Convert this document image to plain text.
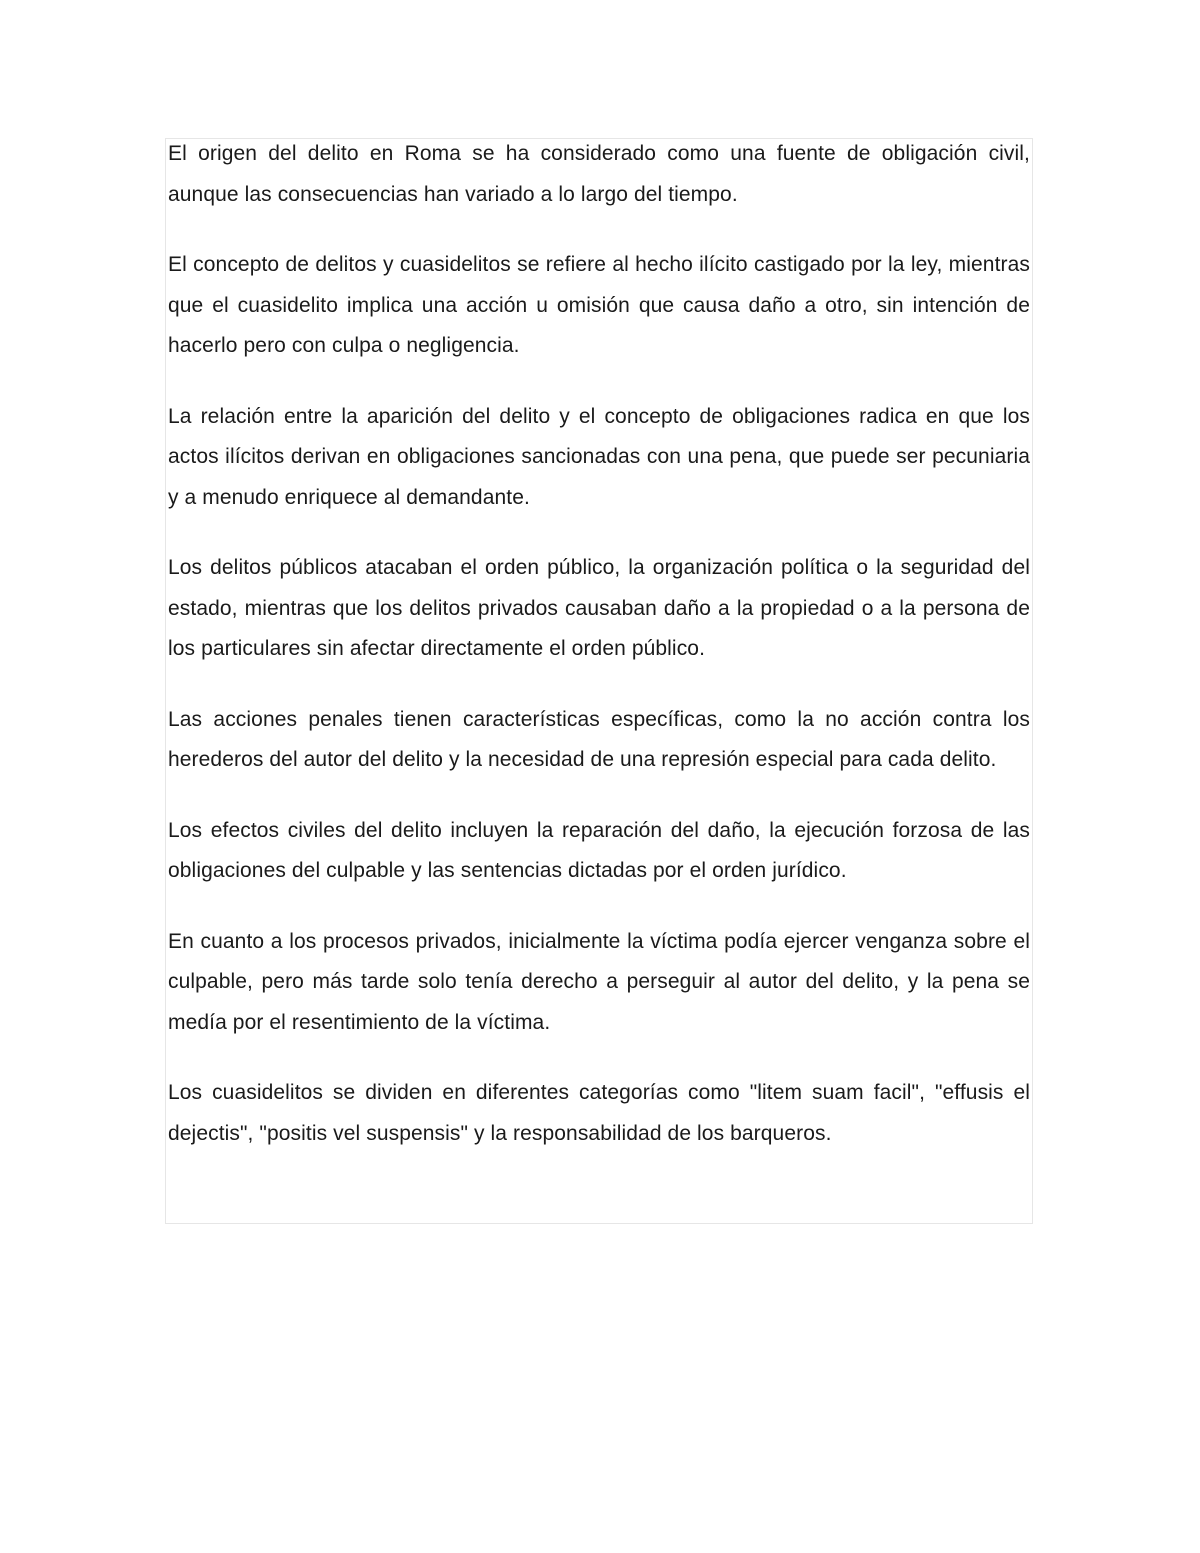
El origen del delito en Roma se ha considerado como una fuente de obligación civil, aunque las consecuencias han variado a lo largo del tiempo.

El concepto de delitos y cuasidelitos se refiere al hecho ilícito castigado por la ley, mientras que el cuasidelito implica una acción u omisión que causa daño a otro, sin intención de hacerlo pero con culpa o negligencia.

La relación entre la aparición del delito y el concepto de obligaciones radica en que los actos ilícitos derivan en obligaciones sancionadas con una pena, que puede ser pecuniaria y a menudo enriquece al demandante.

Los delitos públicos atacaban el orden público, la organización política o la seguridad del estado, mientras que los delitos privados causaban daño a la propiedad o a la persona de los particulares sin afectar directamente el orden público.

Las acciones penales tienen características específicas, como la no acción contra los herederos del autor del delito y la necesidad de una represión especial para cada delito.

Los efectos civiles del delito incluyen la reparación del daño, la ejecución forzosa de las obligaciones del culpable y las sentencias dictadas por el orden jurídico.

En cuanto a los procesos privados, inicialmente la víctima podía ejercer venganza sobre el culpable, pero más tarde solo tenía derecho a perseguir al autor del delito, y la pena se medía por el resentimiento de la víctima.

Los cuasidelitos se dividen en diferentes categorías como "litem suam facil", "effusis el dejectis", "positis vel suspensis" y la responsabilidad de los barqueros.
